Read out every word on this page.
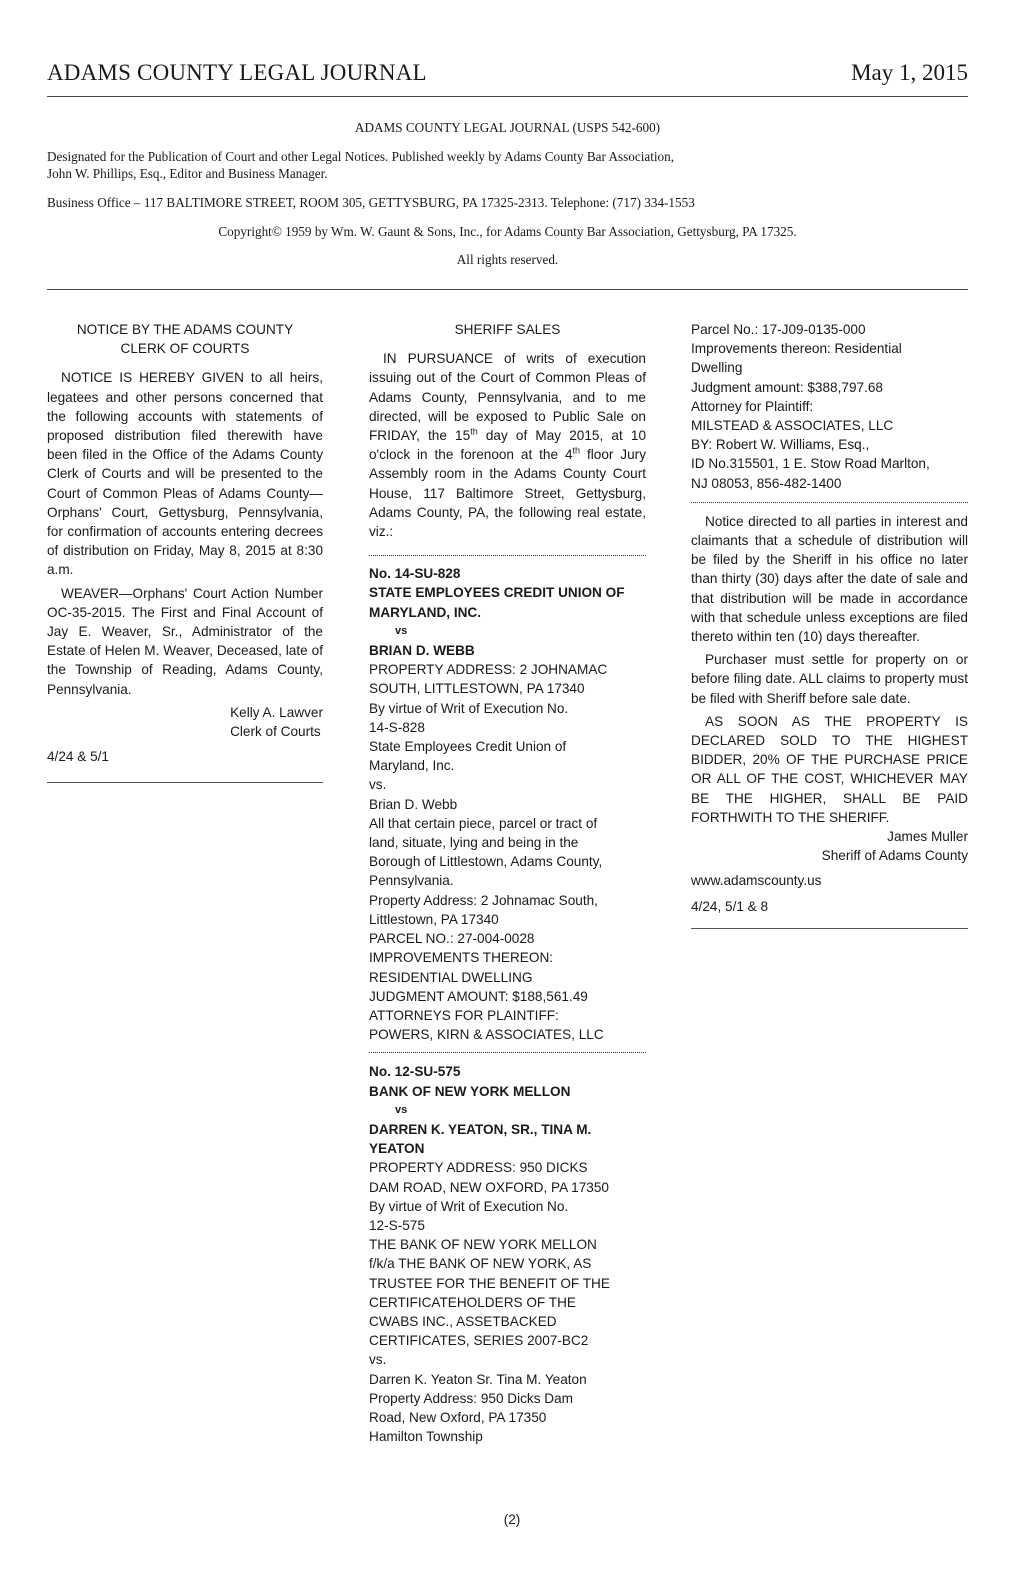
ADAMS COUNTY LEGAL JOURNAL	May 1, 2015

ADAMS COUNTY LEGAL JOURNAL (USPS 542-600)

Designated for the Publication of Court and other Legal Notices. Published weekly by Adams County Bar Association,

John W. Phillips, Esq., Editor and Business Manager.

Business Office – 117 BALTIMORE STREET, ROOM 305, GETTYSBURG, PA 17325-2313. Telephone: (717) 334-1553

Copyright© 1959 by Wm. W. Gaunt & Sons, Inc., for Adams County Bar Association, Gettysburg, PA 17325.

All rights reserved.

NOTICE BY THE ADAMS COUNTY CLERK OF COURTS

NOTICE IS HEREBY GIVEN to all heirs, legatees and other persons concerned that the following accounts with statements of proposed distribution filed therewith have been filed in the Office of the Adams County Clerk of Courts and will be presented to the Court of Common Pleas of Adams County—Orphans' Court, Gettysburg, Pennsylvania, for confirmation of accounts entering decrees of distribution on Friday, May 8, 2015 at 8:30 a.m.

WEAVER—Orphans' Court Action Number OC-35-2015. The First and Final Account of Jay E. Weaver, Sr., Administrator of the Estate of Helen M. Weaver, Deceased, late of the Township of Reading, Adams County, Pennsylvania.

Kelly A. Lawver
Clerk of Courts

4/24 & 5/1

SHERIFF SALES

IN PURSUANCE of writs of execution issuing out of the Court of Common Pleas of Adams County, Pennsylvania, and to me directed, will be exposed to Public Sale on FRIDAY, the 15th day of May 2015, at 10 o'clock in the forenoon at the 4th floor Jury Assembly room in the Adams County Court House, 117 Baltimore Street, Gettysburg, Adams County, PA, the following real estate, viz.:

No. 14-SU-828

STATE EMPLOYEES CREDIT UNION OF MARYLAND, INC.

vs

BRIAN D. WEBB

PROPERTY ADDRESS: 2 JOHNAMAC

SOUTH, LITTLESTOWN, PA 17340

By virtue of Writ of Execution No.

14-S-828

State Employees Credit Union of

Maryland, Inc.

vs.

Brian D. Webb

All that certain piece, parcel or tract of

land, situate, lying and being in the

Borough of Littlestown, Adams County,

Pennsylvania.

Property Address: 2 Johnamac South,

Littlestown, PA 17340

PARCEL NO.: 27-004-0028

IMPROVEMENTS THEREON:

RESIDENTIAL DWELLING

JUDGMENT AMOUNT: $188,561.49

ATTORNEYS FOR PLAINTIFF:

POWERS, KIRN & ASSOCIATES, LLC

No. 12-SU-575

BANK OF NEW YORK MELLON

vs

DARREN K. YEATON, SR., TINA M. YEATON

PROPERTY ADDRESS: 950 DICKS

DAM ROAD, NEW OXFORD, PA 17350

By virtue of Writ of Execution No.

12-S-575

THE BANK OF NEW YORK MELLON

f/k/a THE BANK OF NEW YORK, AS

TRUSTEE FOR THE BENEFIT OF THE

CERTIFICATEHOLDERS OF THE

CWABS INC., ASSETBACKED

CERTIFICATES, SERIES 2007-BC2

vs.

Darren K. Yeaton Sr. Tina M. Yeaton

Property Address: 950 Dicks Dam

Road, New Oxford, PA 17350

Hamilton Township

Parcel No.: 17-J09-0135-000

Improvements thereon: Residential

Dwelling

Judgment amount: $388,797.68

Attorney for Plaintiff:

MILSTEAD & ASSOCIATES, LLC

BY: Robert W. Williams, Esq.,

ID No.315501, 1 E. Stow Road Marlton,

NJ 08053, 856-482-1400

Notice directed to all parties in interest and claimants that a schedule of distribution will be filed by the Sheriff in his office no later than thirty (30) days after the date of sale and that distribution will be made in accordance with that schedule unless exceptions are filed thereto within ten (10) days thereafter.

Purchaser must settle for property on or before filing date. ALL claims to property must be filed with Sheriff before sale date.

AS SOON AS THE PROPERTY IS DECLARED SOLD TO THE HIGHEST BIDDER, 20% OF THE PURCHASE PRICE OR ALL OF THE COST, WHICHEVER MAY BE THE HIGHER, SHALL BE PAID FORTHWITH TO THE SHERIFF.

James Muller

Sheriff of Adams County

www.adamscounty.us

4/24, 5/1 & 8

(2)
